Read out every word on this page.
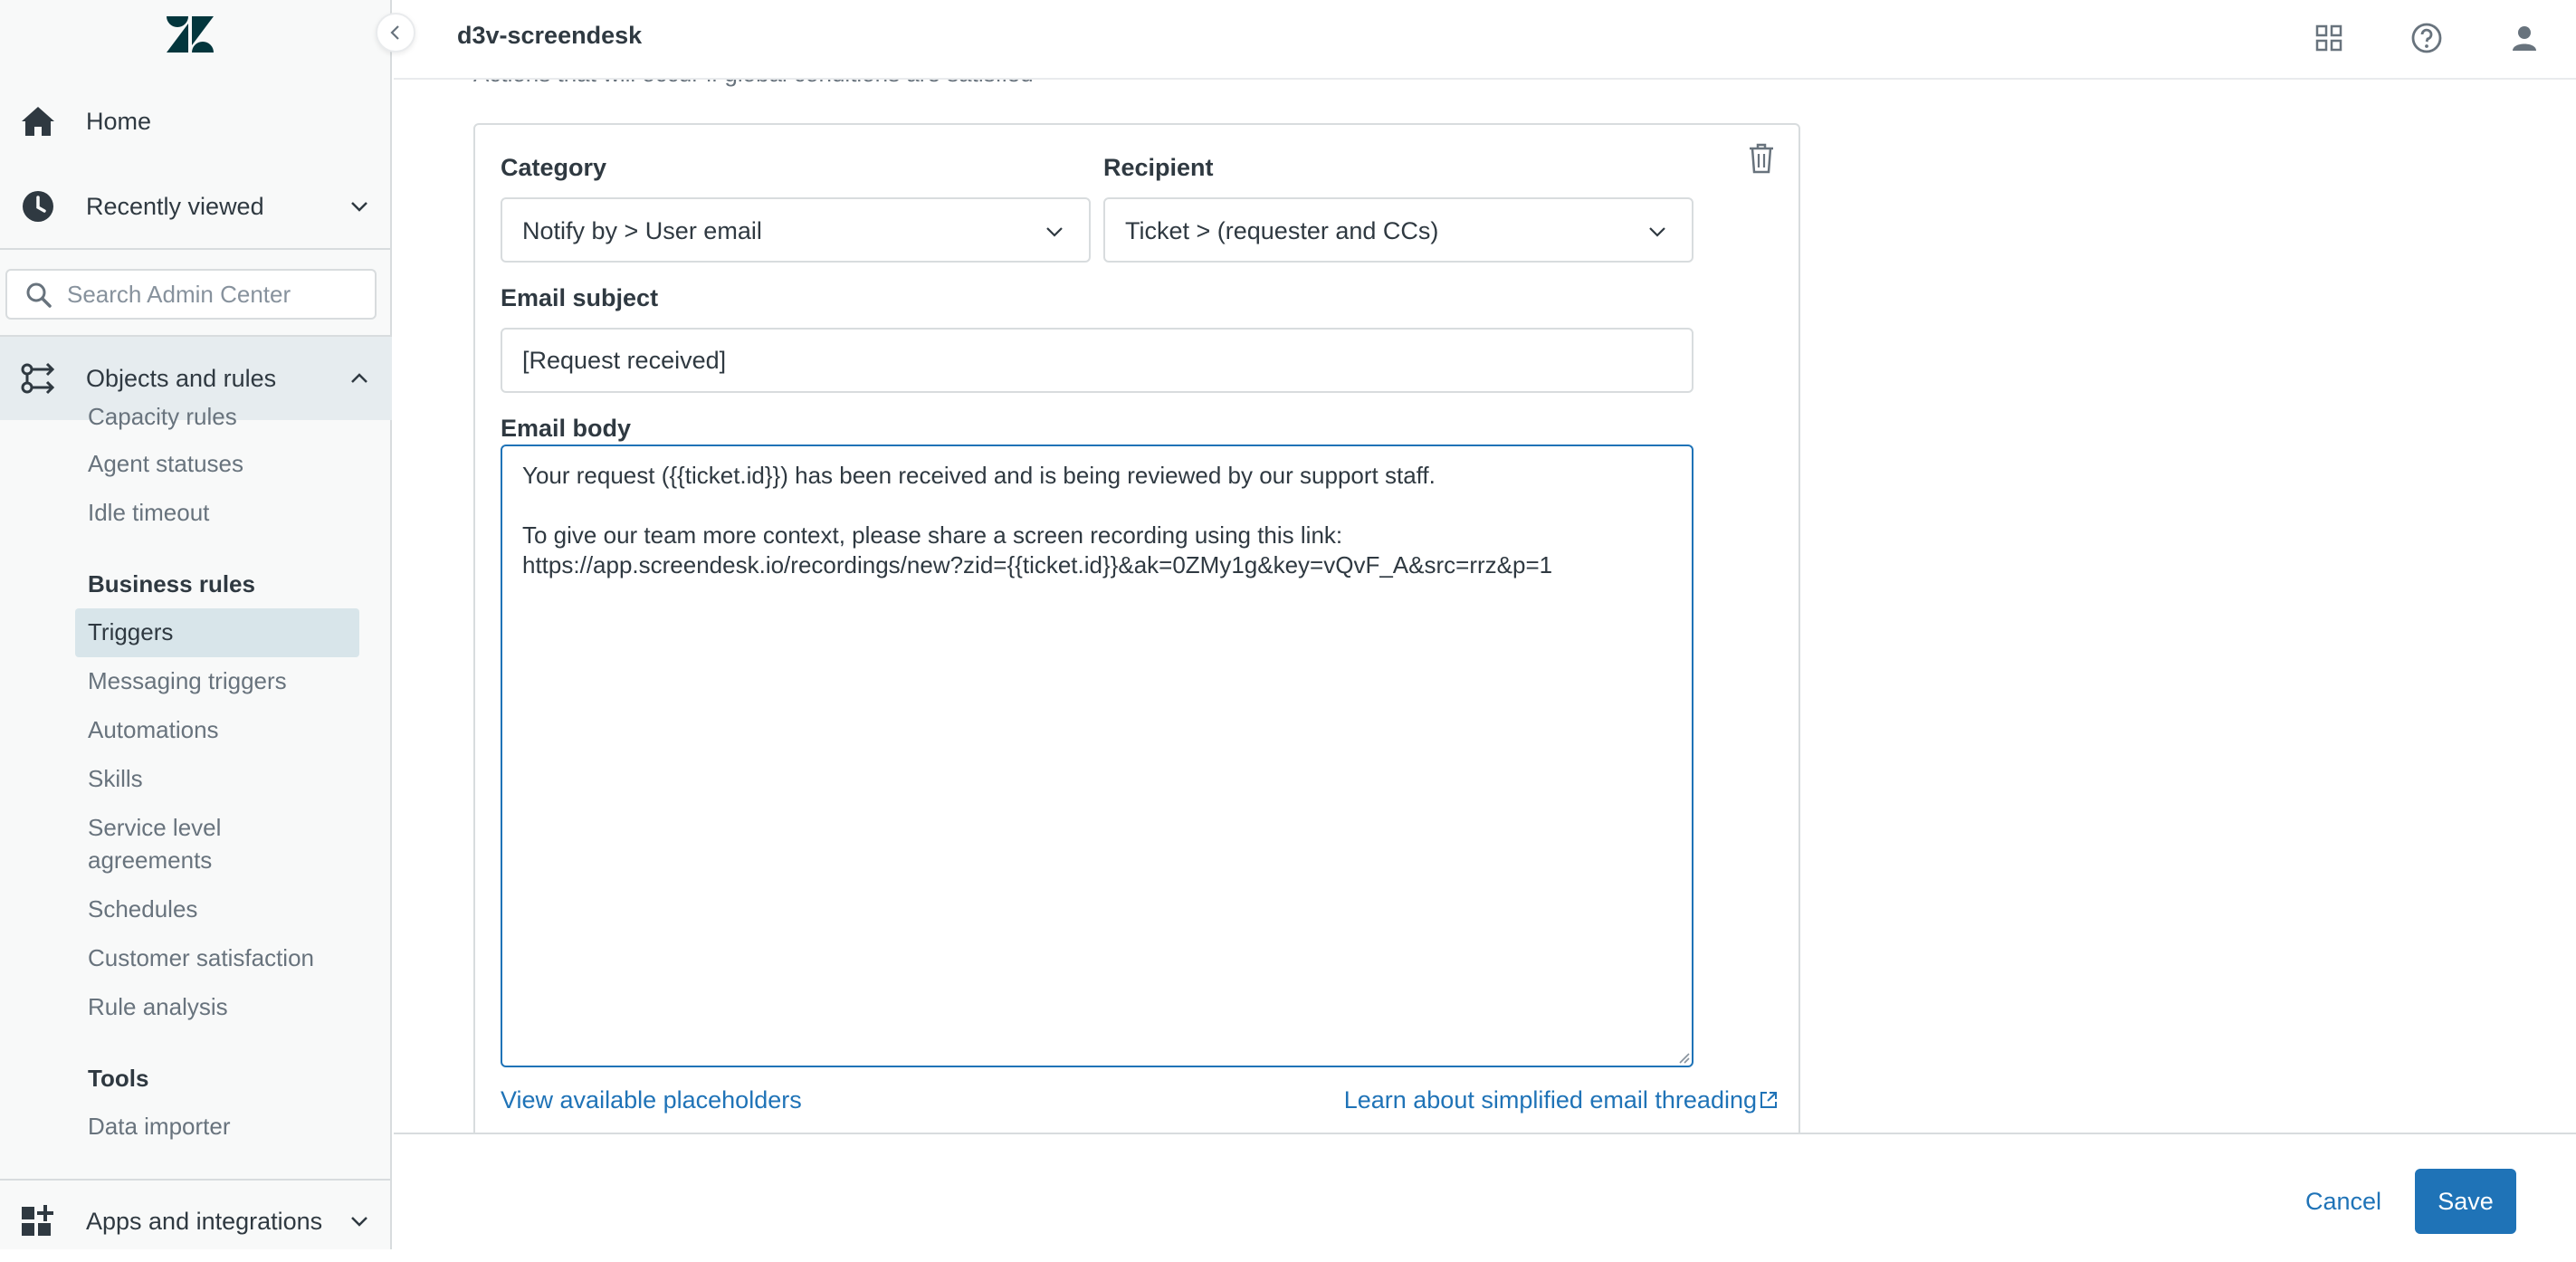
Home
Recently viewed
Search Admin Center
Objects and rules
Capacity rules
Agent statuses
Idle timeout
Business rules
Triggers
Messaging triggers
Automations
Skills
Service level agreements
Schedules
Customer satisfaction
Rule analysis
Tools
Data importer
Apps and integrations
Category
Notify by > User email
Recipient
Ticket > (requester and CCs)
Email subject
[Request received]
Email body
Your request ({{ticket.id}}) has been received and is being reviewed by our support staff.
To give our team more context, please share a screen recording using this link:
https://app.screendesk.io/recordings/new?zid={{ticket.id}}&ak=0ZMy1g&key=vQvF_A&src=rrz&p=1
View available placeholders	Learn about simplified email threading
d3v-screendesk
Cancel	Save
